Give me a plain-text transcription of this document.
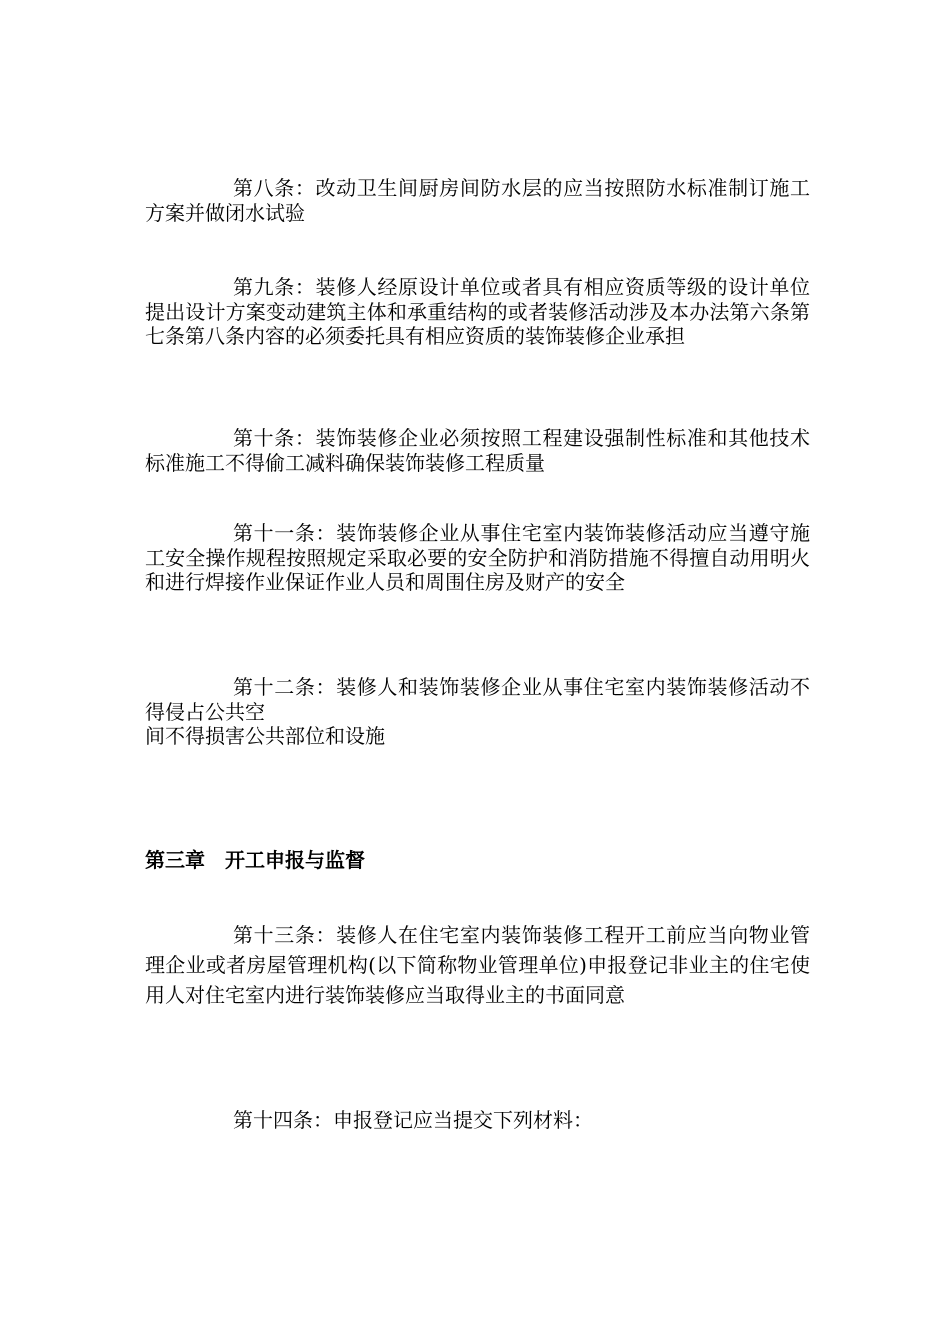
第八条：改动卫生间厨房间防水层的应当按照防水标准制订施工方案并做闭水试验
第九条：装修人经原设计单位或者具有相应资质等级的设计单位提出设计方案变动建筑主体和承重结构的或者装修活动涉及本办法第六条第七条第八条内容的必须委托具有相应资质的装饰装修企业承担
第十条：装饰装修企业必须按照工程建设强制性标准和其他技术标准施工不得偷工减料确保装饰装修工程质量
第十一条：装饰装修企业从事住宅室内装饰装修活动应当遵守施工安全操作规程按照规定采取必要的安全防护和消防措施不得擅自动用明火和进行焊接作业保证作业人员和周围住房及财产的安全
第十二条：装修人和装饰装修企业从事住宅室内装饰装修活动不得侵占公共空
间不得损害公共部位和设施
第三章　开工申报与监督
第十三条：装修人在住宅室内装饰装修工程开工前应当向物业管理企业或者房屋管理机构(以下简称物业管理单位)申报登记非业主的住宅使用人对住宅室内进行装饰装修应当取得业主的书面同意
第十四条：申报登记应当提交下列材料：
